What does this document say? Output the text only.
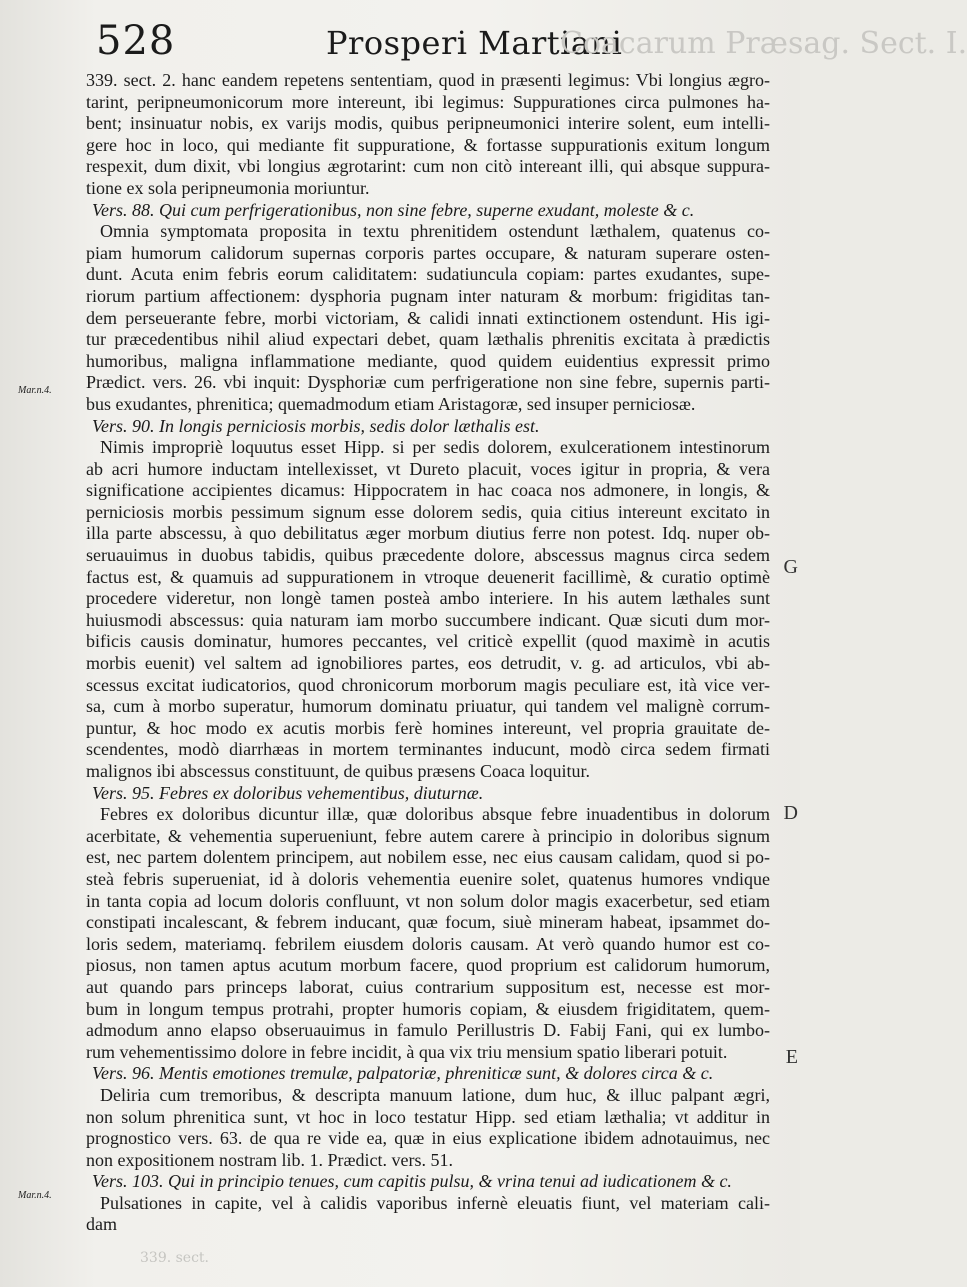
528	Prosperi Martiani
Coacarum Præsag. Sect. I.
Mar.n.4.
Mar.n.4.
G
D
E
339. sect. 2. hanc eandem repetens sententiam, quod in præsenti legimus: Vbi longius ægro-
tarint, peripneumonicorum more intereunt, ibi legimus: Suppurationes circa pulmones ha-
bent; insinuatur nobis, ex varijs modis, quibus peripneumonici interire solent, eum intelli-
gere hoc in loco, qui mediante fit suppuratione, & fortasse suppurationis exitum longum
respexit, dum dixit, vbi longius ægrotarint: cum non citò intereant illi, qui absque suppura-
tione ex sola peripneumonia moriuntur.
Vers. 88. Qui cum perfrigerationibus, non sine febre, superne exudant, moleste & c.
Omnia symptomata proposita in textu phrenitidem ostendunt læthalem, quatenus co-
piam humorum calidorum supernas corporis partes occupare, & naturam superare osten-
dunt. Acuta enim febris eorum caliditatem: sudatiuncula copiam: partes exudantes, supe-
riorum partium affectionem: dysphoria pugnam inter naturam & morbum: frigiditas tan-
dem perseuerante febre, morbi victoriam, & calidi innati extinctionem ostendunt. His igi-
tur præcedentibus nihil aliud expectari debet, quam læthalis phrenitis excitata à prædictis
humoribus, maligna inflammatione mediante, quod quidem euidentius expressit primo
Prædict. vers. 26. vbi inquit: Dysphoriæ cum perfrigeratione non sine febre, supernis parti-
bus exudantes, phrenitica; quemadmodum etiam Aristagoræ, sed insuper perniciosæ.
Vers. 90. In longis perniciosis morbis, sedis dolor læthalis est.
Nimis impropriè loquutus esset Hipp. si per sedis dolorem, exulcerationem intestinorum
ab acri humore inductam intellexisset, vt Dureto placuit, voces igitur in propria, & vera
significatione accipientes dicamus: Hippocratem in hac coaca nos admonere, in longis, &
perniciosis morbis pessimum signum esse dolorem sedis, quia citius intereunt excitato in
illa parte abscessu, à quo debilitatus æger morbum diutius ferre non potest. Idq. nuper ob-
seruauimus in duobus tabidis, quibus præcedente dolore, abscessus magnus circa sedem
factus est, & quamuis ad suppurationem in vtroque deuenerit facillimè, & curatio optimè
procedere videretur, non longè tamen posteà ambo interiere. In his autem læthales sunt
huiusmodi abscessus: quia naturam iam morbo succumbere indicant. Quæ sicuti dum mor-
bificis causis dominatur, humores peccantes, vel criticè expellit (quod maximè in acutis
morbis euenit) vel saltem ad ignobiliores partes, eos detrudit, v. g. ad articulos, vbi ab-
scessus excitat iudicatorios, quod chronicorum morborum magis peculiare est, ità vice ver-
sa, cum à morbo superatur, humorum dominatu priuatur, qui tandem vel malignè corrum-
puntur, & hoc modo ex acutis morbis ferè homines intereunt, vel propria grauitate de-
scendentes, modò diarrhæas in mortem terminantes inducunt, modò circa sedem firmati
malignos ibi abscessus constituunt, de quibus præsens Coaca loquitur.
Vers. 95. Febres ex doloribus vehementibus, diuturnæ.
Febres ex doloribus dicuntur illæ, quæ doloribus absque febre inuadentibus in dolorum
acerbitate, & vehementia superueniunt, febre autem carere à principio in doloribus signum
est, nec partem dolentem principem, aut nobilem esse, nec eius causam calidam, quod si po-
steà febris superueniat, id à doloris vehementia euenire solet, quatenus humores vndique
in tanta copia ad locum doloris confluunt, vt non solum dolor magis exacerbetur, sed etiam
constipati incalescant, & febrem inducant, quæ focum, siuè mineram habeat, ipsammet do-
loris sedem, materiamq. febrilem eiusdem doloris causam. At verò quando humor est co-
piosus, non tamen aptus acutum morbum facere, quod proprium est calidorum humorum,
aut quando pars princeps laborat, cuius contrarium suppositum est, necesse est mor-
bum in longum tempus protrahi, propter humoris copiam, & eiusdem frigiditatem, quem-
admodum anno elapso obseruauimus in famulo Perillustris D. Fabij Fani, qui ex lumbo-
rum vehementissimo dolore in febre incidit, à qua vix triu mensium spatio liberari potuit.
Vers. 96. Mentis emotiones tremulæ, palpatoriæ, phreniticæ sunt, & dolores circa & c.
Deliria cum tremoribus, & descripta manuum latione, dum huc, & illuc palpant ægri,
non solum phrenitica sunt, vt hoc in loco testatur Hipp. sed etiam læthalia; vt additur in
prognostico vers. 63. de qua re vide ea, quæ in eius explicatione ibidem adnotauimus, nec
non expositionem nostram lib. 1. Prædict. vers. 51.
Vers. 103. Qui in principio tenues, cum capitis pulsu, & vrina tenui ad iudicationem & c.
Pulsationes in capite, vel à calidis vaporibus infernè eleuatis fiunt, vel materiam cali-
dam
339. sect.
